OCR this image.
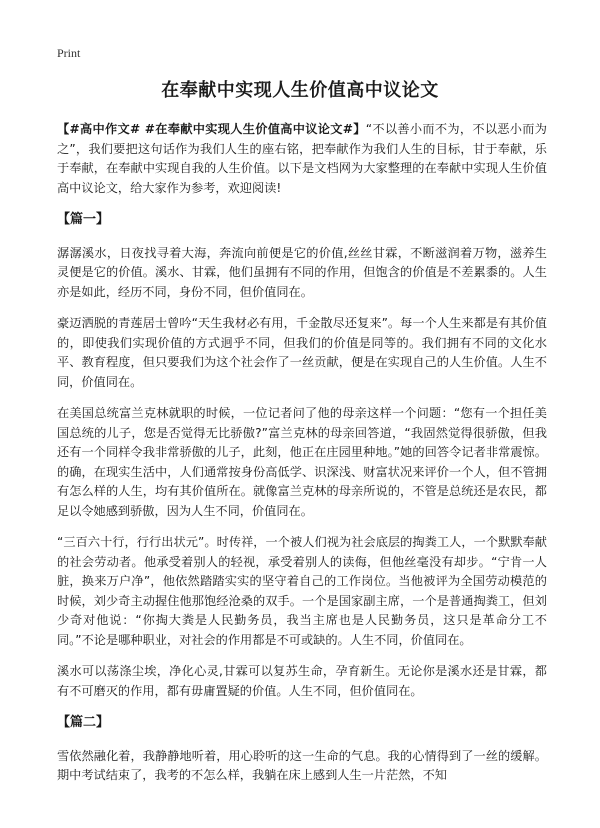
Print
在奉献中实现人生价值高中议论文

【#高中作文# #在奉献中实现人生价值高中议论文#】“不以善小而不为，不以恶小而为之”，我们要把这句话作为我们人生的座右铭，把奉献作为我们人生的目标，甘于奉献，乐于奉献，在奉献中实现自我的人生价值。以下是文档网为大家整理的在奉献中实现人生价值高中议论文，给大家作为参考，欢迎阅读!

【篇一】

潺潺溪水，日夜找寻着大海，奔流向前便是它的价值,丝丝甘霖，不断滋润着万物，滋养生灵便是它的价值。溪水、甘霖，他们虽拥有不同的作用，但饱含的价值是不差累黍的。人生亦是如此，经历不同，身份不同，但价值同在。

豪迈洒脱的青莲居士曾吟“天生我材必有用，千金散尽还复来”。每一个人生来都是有其价值的，即使我们实现价值的方式迥乎不同，但我们的价值是同等的。我们拥有不同的文化水平、教育程度，但只要我们为这个社会作了一丝贡献，便是在实现自己的人生价值。人生不同，价值同在。

在美国总统富兰克林就职的时候，一位记者问了他的母亲这样一个问题：“您有一个担任美国总统的儿子，您是否觉得无比骄傲?”富兰克林的母亲回答道，“我固然觉得很骄傲，但我还有一个同样令我非常骄傲的儿子，此刻，他正在庄园里种地。”她的回答令记者非常震惊。的确，在现实生活中，人们通常按身份高低学、识深浅、财富状况来评价一个人，但不管拥有怎么样的人生，均有其价值所在。就像富兰克林的母亲所说的，不管是总统还是农民，都足以令她感到骄傲，因为人生不同，价值同在。

“三百六十行，行行出状元”。时传祥，一个被人们视为社会底层的掏粪工人，一个默默奉献的社会劳动者。他承受着别人的轻视，承受着别人的读侮，但他丝毫没有却步。“宁肯一人脏，换来万户净”，他依然踏踏实实的坚守着自己的工作岗位。当他被评为全国劳动模范的时候，刘少奇主动握住他那饱经沧桑的双手。一个是国家副主席，一个是普通掏粪工，但刘少奇对他说：“你掏大粪是人民勤务员，我当主席也是人民勤务员，这只是革命分工不同。”不论是哪种职业，对社会的作用都是不可或缺的。人生不同，价值同在。

溪水可以荡涤尘埃，净化心灵,甘霖可以复苏生命，孕育新生。无论你是溪水还是甘霖，都有不可磨灭的作用，都有毋庸置疑的价值。人生不同，但价值同在。

【篇二】

雪依然融化着，我静静地听着，用心聆听的这一生命的气息。我的心情得到了一丝的缓解。期中考试结束了，我考的不怎么样，我躺在床上感到人生一片茫然，不知
